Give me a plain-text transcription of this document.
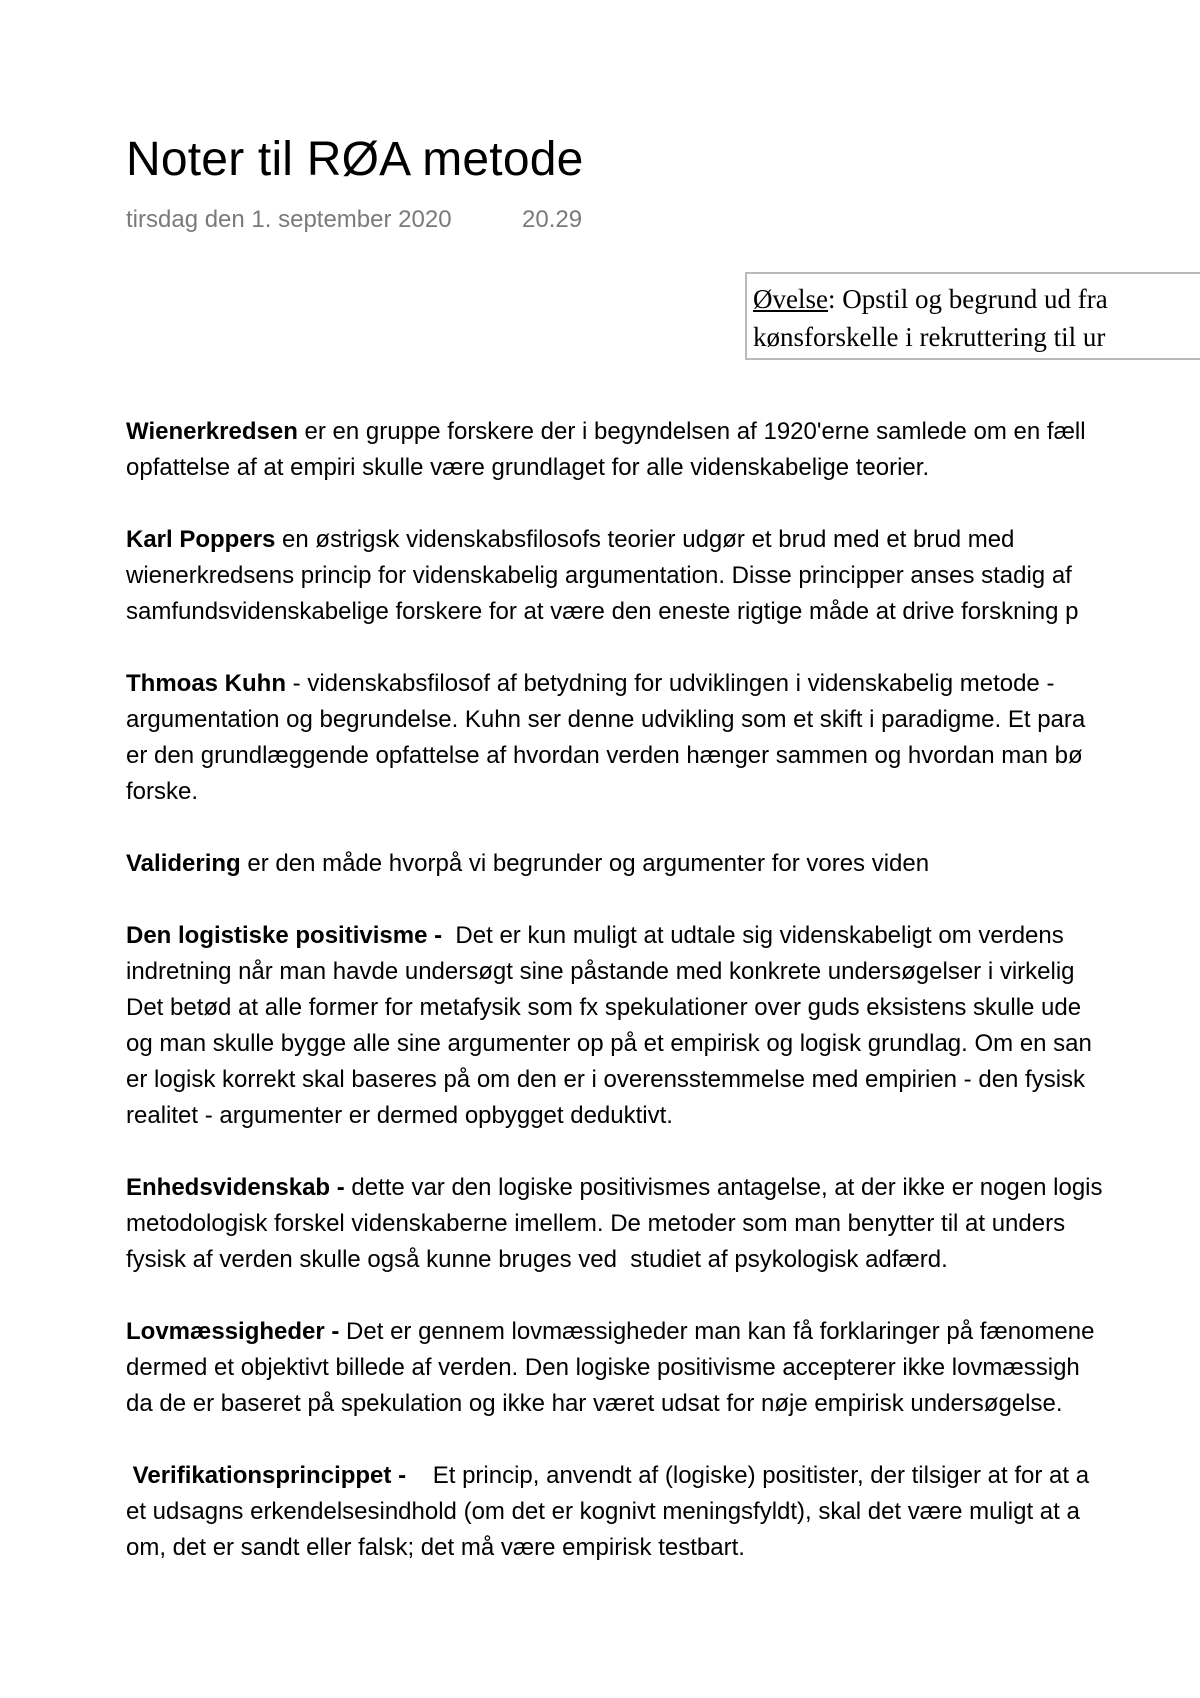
Noter til RØA metode
tirsdag den 1. september 2020	20.29
Øvelse: Opstil og begrund ud fra
kønsforskelle i rekruttering til ur

Wienerkredsen er en gruppe forskere der i begyndelsen af 1920'erne samlede om en fæll
opfattelse af at empiri skulle være grundlaget for alle videnskabelige teorier.

Karl Poppers en østrigsk videnskabsfilosofs teorier udgør et brud med et brud med
wienerkredsens princip for videnskabelig argumentation. Disse principper anses stadig af
samfundsvidenskabelige forskere for at være den eneste rigtige måde at drive forskning p

Thmoas Kuhn - videnskabsfilosof af betydning for udviklingen i videnskabelig metode -
argumentation og begrundelse. Kuhn ser denne udvikling som et skift i paradigme. Et para
er den grundlæggende opfattelse af hvordan verden hænger sammen og hvordan man bø
forske.

Validering er den måde hvorpå vi begrunder og argumenter for vores viden

Den logistiske positivisme -  Det er kun muligt at udtale sig videnskabeligt om verdens
indretning når man havde undersøgt sine påstande med konkrete undersøgelser i virkelig
Det betød at alle former for metafysik som fx spekulationer over guds eksistens skulle ude
og man skulle bygge alle sine argumenter op på et empirisk og logisk grundlag. Om en san
er logisk korrekt skal baseres på om den er i overensstemmelse med empirien - den fysisk
realitet - argumenter er dermed opbygget deduktivt.

Enhedsvidenskab - dette var den logiske positivismes antagelse, at der ikke er nogen logis
metodologisk forskel videnskaberne imellem. De metoder som man benytter til at unders
fysisk af verden skulle også kunne bruges ved  studiet af psykologisk adfærd.

Lovmæssigheder - Det er gennem lovmæssigheder man kan få forklaringer på fænomene
dermed et objektivt billede af verden. Den logiske positivisme accepterer ikke lovmæssigh
da de er baseret på spekulation og ikke har været udsat for nøje empirisk undersøgelse.

Verifikationsprincippet -    Et princip, anvendt af (logiske) positister, der tilsiger at for at a
et udsagns erkendelsesindhold (om det er kognivt meningsfyldt), skal det være muligt at a
om, det er sandt eller falsk; det må være empirisk testbart.
